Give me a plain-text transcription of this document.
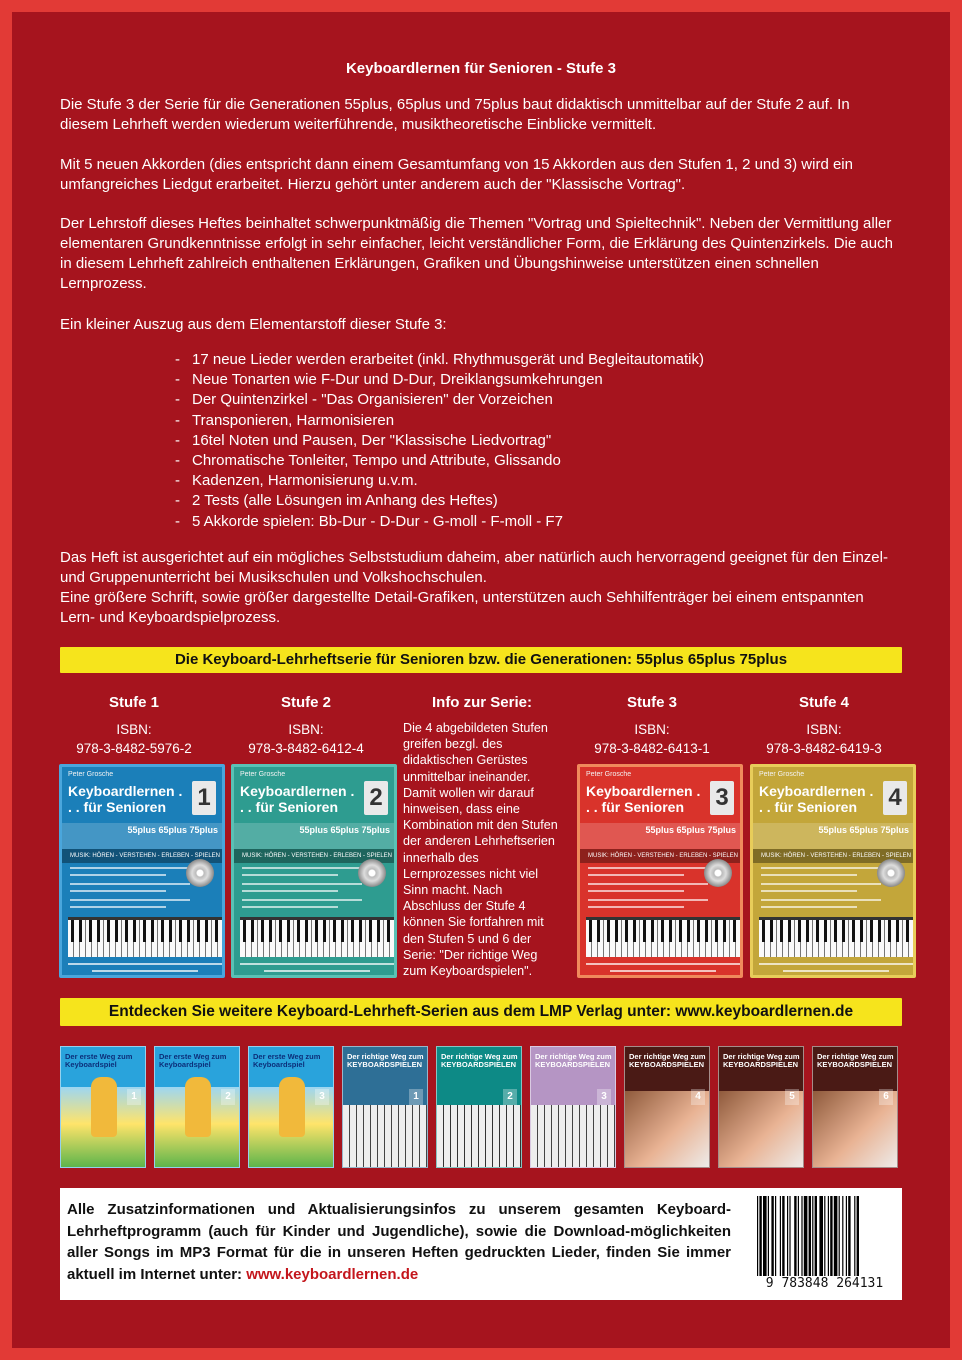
Keyboardlernen für Senioren - Stufe 3

Die Stufe 3 der Serie für die Generationen 55plus, 65plus und 75plus baut didaktisch unmittelbar auf der Stufe 2 auf. In diesem Lehrheft werden wiederum weiterführende, musiktheoretische Einblicke vermittelt.

Mit 5 neuen Akkorden (dies entspricht dann einem Gesamtumfang von 15 Akkorden aus den Stufen 1, 2 und 3) wird ein umfangreiches Liedgut erarbeitet. Hierzu gehört unter anderem auch der "Klassische Vortrag".

Der Lehrstoff dieses Heftes beinhaltet schwerpunktmäßig die Themen "Vortrag und Spieltechnik". Neben der Vermittlung aller elementaren Grundkenntnisse erfolgt in sehr einfacher, leicht verständlicher Form, die Erklärung des Quintenzirkels. Die auch in diesem Lehrheft zahlreich enthaltenen Erklärungen, Grafiken und Übungshinweise unterstützen einen schnellen Lernprozess.

Ein kleiner Auszug aus dem Elementarstoff dieser Stufe 3:

- 17 neue Lieder werden erarbeitet (inkl. Rhythmusgerät und Begleitautomatik)
- Neue Tonarten wie F-Dur und D-Dur, Dreiklangsumkehrungen
- Der Quintenzirkel - "Das Organisieren" der Vorzeichen
- Transponieren, Harmonisieren
- 16tel Noten und Pausen, Der "Klassische Liedvortrag"
- Chromatische Tonleiter, Tempo und Attribute, Glissando
- Kadenzen, Harmonisierung u.v.m.
- 2 Tests (alle Lösungen im Anhang des Heftes)
- 5 Akkorde spielen: Bb-Dur - D-Dur - G-moll - F-moll - F7
Das Heft ist ausgerichtet auf ein mögliches Selbststudium daheim, aber natürlich auch hervorragend geeignet für den Einzel- und Gruppenunterricht bei Musikschulen und Volkshochschulen.
Eine größere Schrift, sowie größer dargestellte Detail-Grafiken, unterstützen auch Sehhilfenträger bei einem entspannten Lern- und Keyboardspielprozess.
Die Keyboard-Lehrheftserie für Senioren bzw. die Generationen: 55plus 65plus 75plus
Stufe 1	Stufe 2	Info zur Serie:	Stufe 3	Stufe 4
ISBN:
978-3-8482-5976-2
ISBN:
978-3-8482-6412-4
ISBN:
978-3-8482-6413-1
ISBN:
978-3-8482-6419-3
Die 4 abgebildeten Stufen greifen bezgl. des didaktischen Gerüstes unmittelbar ineinander. Damit wollen wir darauf hinweisen, dass eine Kombination mit den Stufen der anderen Lehrheftserien innerhalb des Lernprozesses nicht viel Sinn macht. Nach Abschluss der Stufe 4 können Sie fortfahren mit den Stufen 5 und 6 der Serie: "Der richtige Weg zum Keyboardspielen".
Peter Grosche
Keyboardlernen . . . für Senioren	1
55plus 65plus 75plus
MUSIK: HÖREN - VERSTEHEN - ERLEBEN - SPIELEN
Peter Grosche
Keyboardlernen . . . für Senioren	2
55plus 65plus 75plus
MUSIK: HÖREN - VERSTEHEN - ERLEBEN - SPIELEN
Peter Grosche
Keyboardlernen . . . für Senioren	3
55plus 65plus 75plus
MUSIK: HÖREN - VERSTEHEN - ERLEBEN - SPIELEN
Peter Grosche
Keyboardlernen . . . für Senioren	4
55plus 65plus 75plus
MUSIK: HÖREN - VERSTEHEN - ERLEBEN - SPIELEN
Entdecken Sie weitere Keyboard-Lehrheft-Serien aus dem LMP Verlag unter: www.keyboardlernen.de
Der erste Weg zum Keyboardspiel
1
Der erste Weg zum Keyboardspiel
2
Der erste Weg zum Keyboardspiel
3
Der richtige Weg zum KEYBOARDSPIELEN
1
Der richtige Weg zum KEYBOARDSPIELEN
2
Der richtige Weg zum KEYBOARDSPIELEN
3
Der richtige Weg zum KEYBOARDSPIELEN
4
Der richtige Weg zum KEYBOARDSPIELEN
5
Der richtige Weg zum KEYBOARDSPIELEN
6
Alle Zusatzinformationen und Aktualisierungsinfos zu unserem gesamten Keyboard-Lehrheftprogramm (auch für Kinder und Jugendliche), sowie die Download-möglichkeiten aller Songs im MP3 Format für die in unseren Heften gedruckten Lieder, finden Sie immer aktuell im Internet unter: www.keyboardlernen.de
9 783848 264131
